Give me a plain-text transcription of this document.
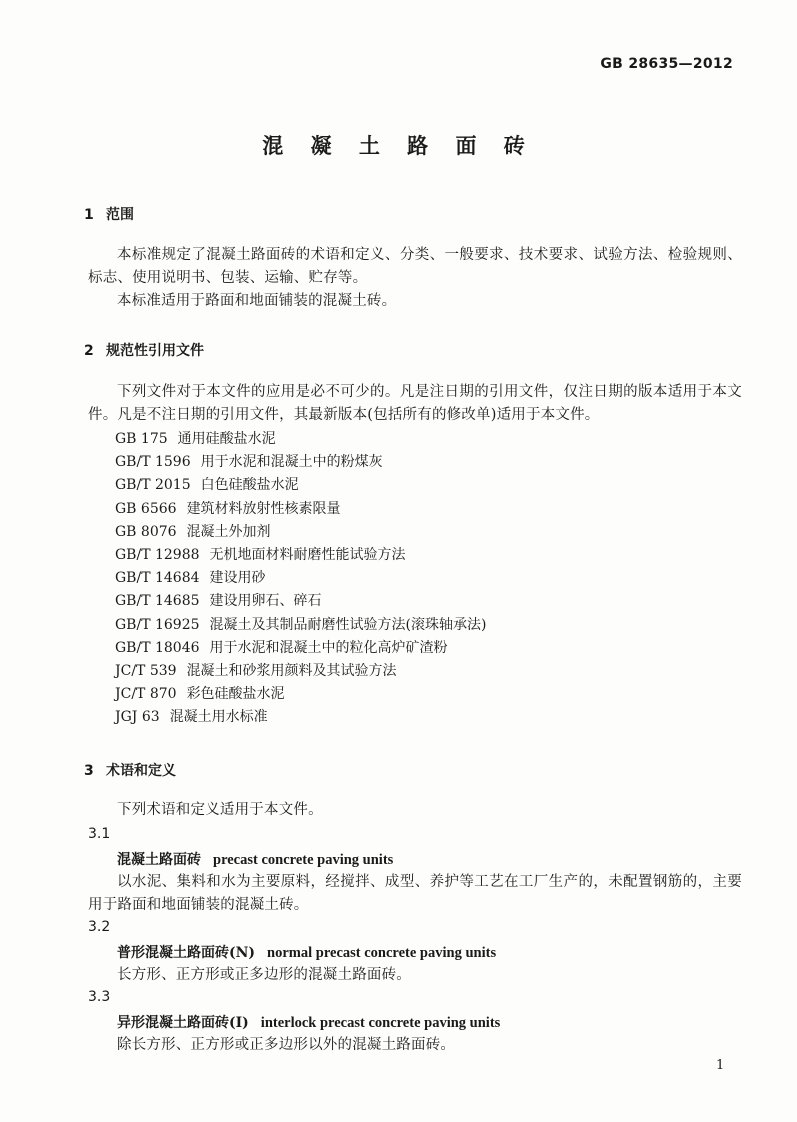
GB 28635—2012
混 凝 土 路 面 砖
1 范围
本标准规定了混凝土路面砖的术语和定义、分类、一般要求、技术要求、试验方法、检验规则、标志、使用说明书、包装、运输、贮存等。
本标准适用于路面和地面铺装的混凝土砖。
2 规范性引用文件
下列文件对于本文件的应用是必不可少的。凡是注日期的引用文件，仅注日期的版本适用于本文件。凡是不注日期的引用文件，其最新版本(包括所有的修改单)适用于本文件。
GB 175 通用硅酸盐水泥
GB/T 1596 用于水泥和混凝土中的粉煤灰
GB/T 2015 白色硅酸盐水泥
GB 6566 建筑材料放射性核素限量
GB 8076 混凝土外加剂
GB/T 12988 无机地面材料耐磨性能试验方法
GB/T 14684 建设用砂
GB/T 14685 建设用卵石、碎石
GB/T 16925 混凝土及其制品耐磨性试验方法(滚珠轴承法)
GB/T 18046 用于水泥和混凝土中的粒化高炉矿渣粉
JC/T 539 混凝土和砂浆用颜料及其试验方法
JC/T 870 彩色硅酸盐水泥
JGJ 63 混凝土用水标准
3 术语和定义
下列术语和定义适用于本文件。
3.1
混凝土路面砖 precast concrete paving units
以水泥、集料和水为主要原料，经搅拌、成型、养护等工艺在工厂生产的，未配置钢筋的，主要用于路面和地面铺装的混凝土砖。
3.2
普形混凝土路面砖(N) normal precast concrete paving units
长方形、正方形或正多边形的混凝土路面砖。
3.3
异形混凝土路面砖(I) interlock precast concrete paving units
除长方形、正方形或正多边形以外的混凝土路面砖。
1
